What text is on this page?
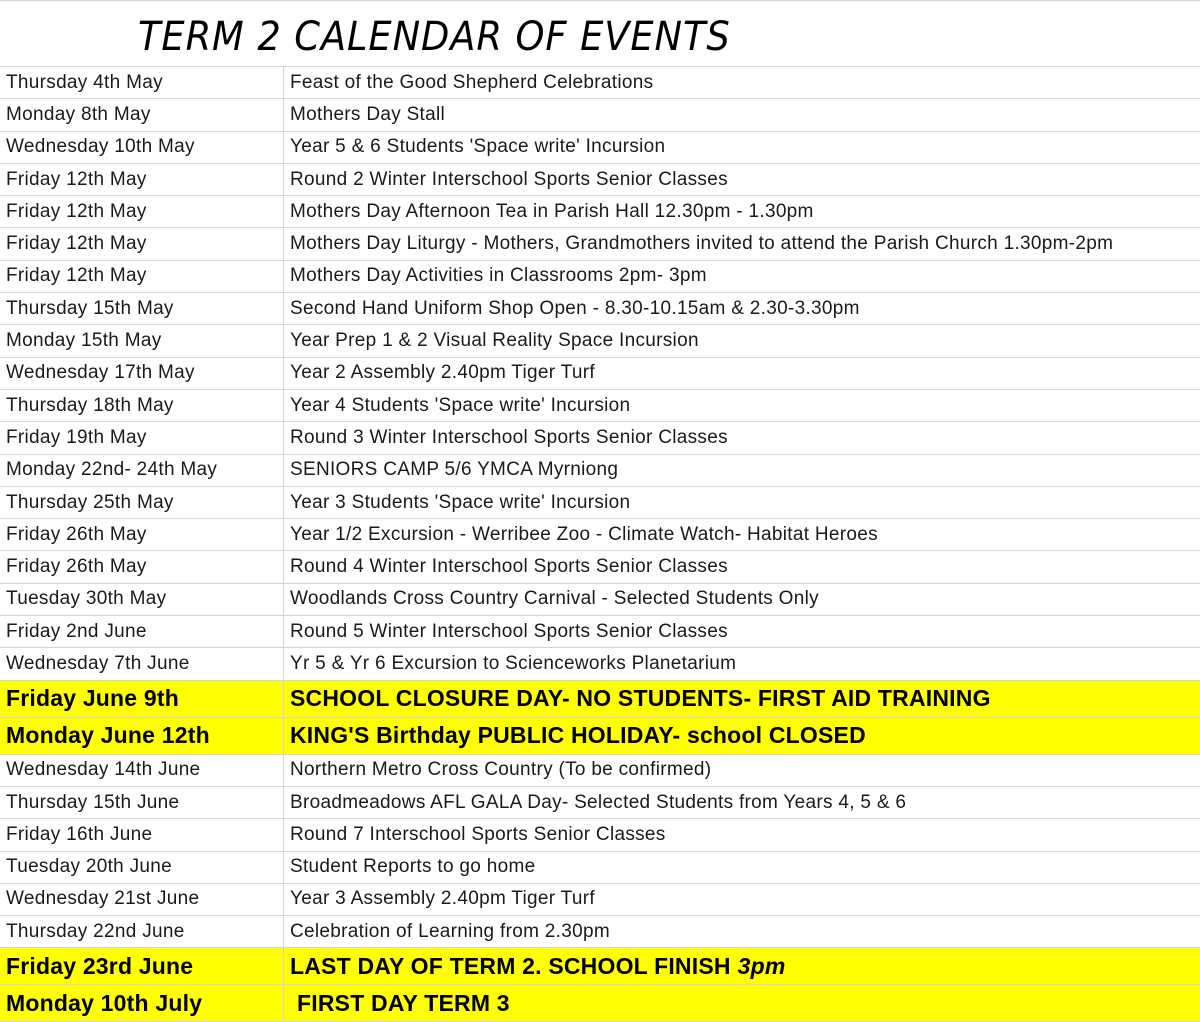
TERM 2 CALENDAR OF EVENTS
Thursday 4th May	Feast of the Good Shepherd Celebrations
Monday 8th May	Mothers Day Stall
Wednesday 10th May	Year 5 & 6 Students 'Space write' Incursion
Friday 12th May	Round 2 Winter Interschool Sports Senior Classes
Friday 12th May	Mothers Day Afternoon Tea in Parish Hall 12.30pm - 1.30pm
Friday 12th May	Mothers Day Liturgy - Mothers, Grandmothers invited to attend the Parish Church 1.30pm-2pm
Friday 12th May	Mothers Day Activities in Classrooms 2pm- 3pm
Thursday 15th May	Second Hand Uniform Shop Open - 8.30-10.15am & 2.30-3.30pm
Monday 15th May	Year Prep 1 & 2 Visual Reality Space Incursion
Wednesday 17th May	Year 2 Assembly 2.40pm Tiger Turf
Thursday 18th May	Year 4 Students 'Space write' Incursion
Friday 19th May	Round 3 Winter Interschool Sports Senior Classes
Monday 22nd- 24th May	SENIORS CAMP 5/6 YMCA Myrniong
Thursday 25th May	Year 3 Students 'Space write' Incursion
Friday 26th May	Year 1/2 Excursion - Werribee Zoo - Climate Watch- Habitat Heroes
Friday 26th May	Round 4 Winter Interschool Sports Senior Classes
Tuesday 30th May	Woodlands Cross Country Carnival - Selected Students Only
Friday 2nd June	Round 5 Winter Interschool Sports Senior Classes
Wednesday 7th June	Yr 5 & Yr 6 Excursion to Scienceworks Planetarium
Friday June 9th	SCHOOL CLOSURE DAY- NO STUDENTS- FIRST AID TRAINING
Monday June 12th	KING'S Birthday PUBLIC HOLIDAY- school CLOSED
Wednesday 14th June	Northern Metro Cross Country (To be confirmed)
Thursday 15th June	Broadmeadows AFL GALA Day- Selected Students from Years 4, 5 & 6
Friday 16th June	Round 7 Interschool Sports Senior Classes
Tuesday 20th June	Student Reports to go home
Wednesday 21st June	Year 3 Assembly 2.40pm Tiger Turf
Thursday 22nd June	Celebration of Learning from 2.30pm
Friday 23rd June	LAST DAY OF TERM 2. SCHOOL FINISH 3pm
Monday 10th July	FIRST DAY TERM 3
